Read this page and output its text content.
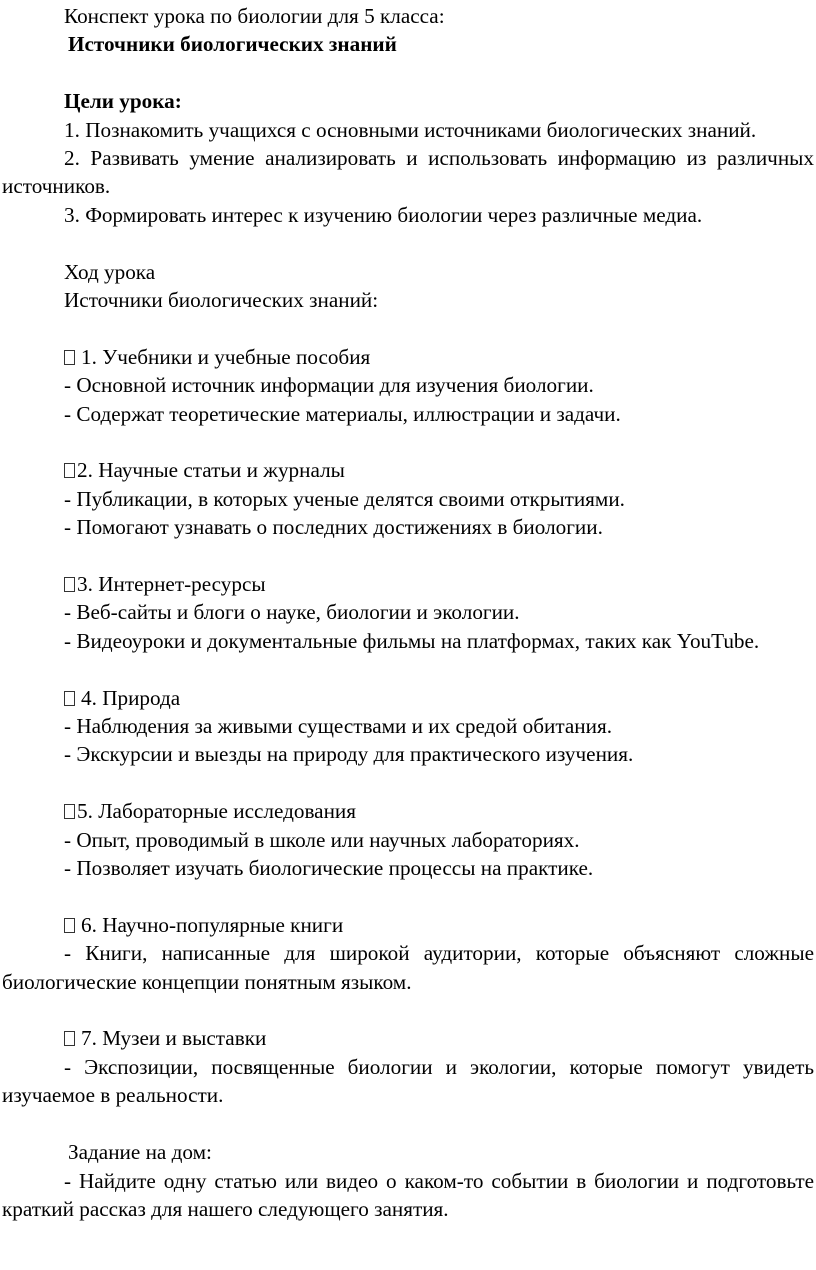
Конспект урока по биологии для 5 класса:

Источники биологических знаний

Цели урока:

1. Познакомить учащихся с основными источниками биологических знаний.

2. Развивать умение анализировать и использовать информацию из различных источников.

3. Формировать интерес к изучению биологии через различные медиа.

Ход урока

Источники биологических знаний:

1. Учебники и учебные пособия

- Основной источник информации для изучения биологии.

- Содержат теоретические материалы, иллюстрации и задачи.

2. Научные статьи и журналы

- Публикации, в которых ученые делятся своими открытиями.

- Помогают узнавать о последних достижениях в биологии.

3. Интернет-ресурсы

- Веб-сайты и блоги о науке, биологии и экологии.

- Видеоуроки и документальные фильмы на платформах, таких как YouTube.

4. Природа

- Наблюдения за живыми существами и их средой обитания.

- Экскурсии и выезды на природу для практического изучения.

5. Лабораторные исследования

- Опыт, проводимый в школе или научных лабораториях.

- Позволяет изучать биологические процессы на практике.

6. Научно-популярные книги

- Книги, написанные для широкой аудитории, которые объясняют сложные биологические концепции понятным языком.

7. Музеи и выставки

- Экспозиции, посвященные биологии и экологии, которые помогут увидеть изучаемое в реальности.

Задание на дом:

- Найдите одну статью или видео о каком-то событии в биологии и подготовьте краткий рассказ для нашего следующего занятия.
